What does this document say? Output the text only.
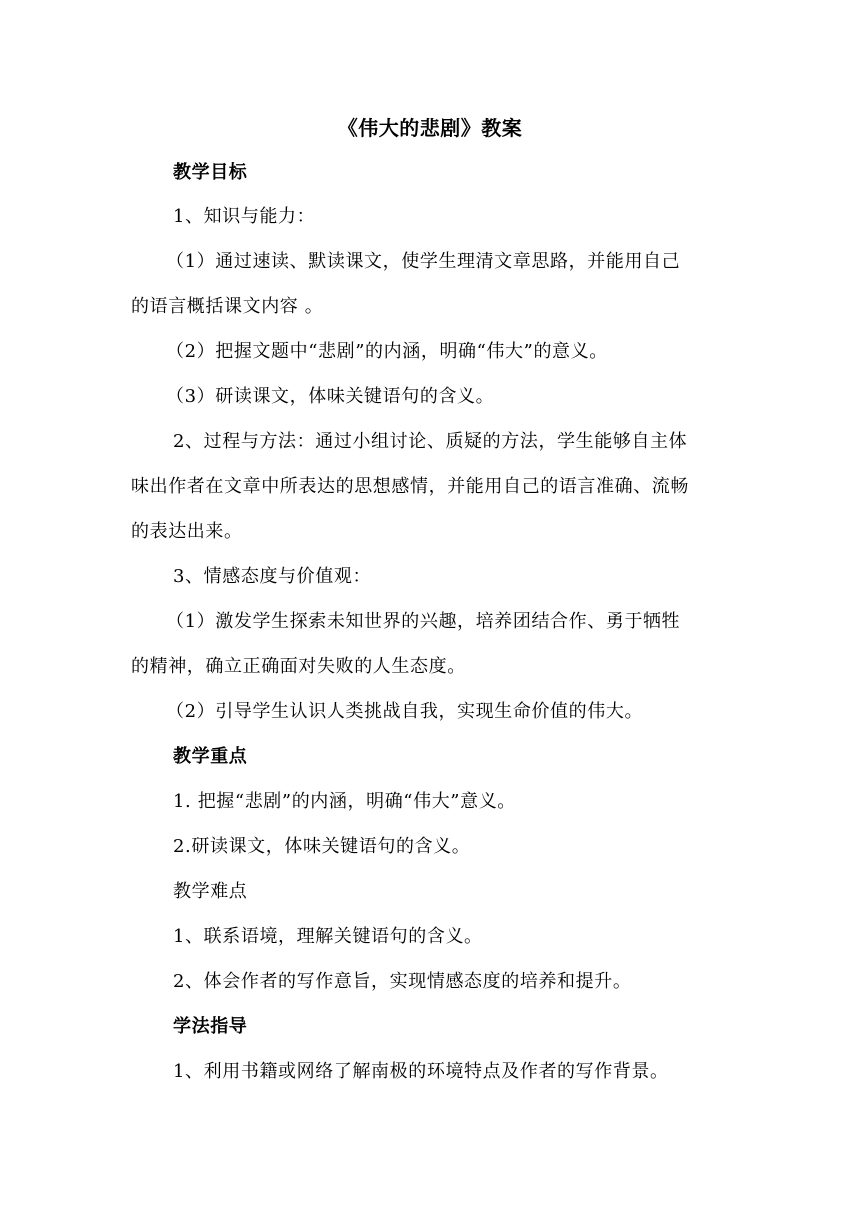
《伟大的悲剧》教案
教学目标
1、知识与能力：
（1）通过速读、默读课文，使学生理清文章思路，并能用自己
的语言概括课文内容 。
（2）把握文题中“悲剧”的内涵，明确“伟大”的意义。
（3）研读课文，体味关键语句的含义。
2、过程与方法：通过小组讨论、质疑的方法，学生能够自主体
味出作者在文章中所表达的思想感情，并能用自己的语言准确、流畅
的表达出来。
3、情感态度与价值观：
（1）激发学生探索未知世界的兴趣，培养团结合作、勇于牺牲
的精神，确立正确面对失败的人生态度。
（2）引导学生认识人类挑战自我，实现生命价值的伟大。
教学重点
1. 把握“悲剧”的内涵，明确“伟大”意义。
2.研读课文，体味关键语句的含义。
教学难点
1、联系语境，理解关键语句的含义。
2、体会作者的写作意旨，实现情感态度的培养和提升。
学法指导
1、利用书籍或网络了解南极的环境特点及作者的写作背景。
